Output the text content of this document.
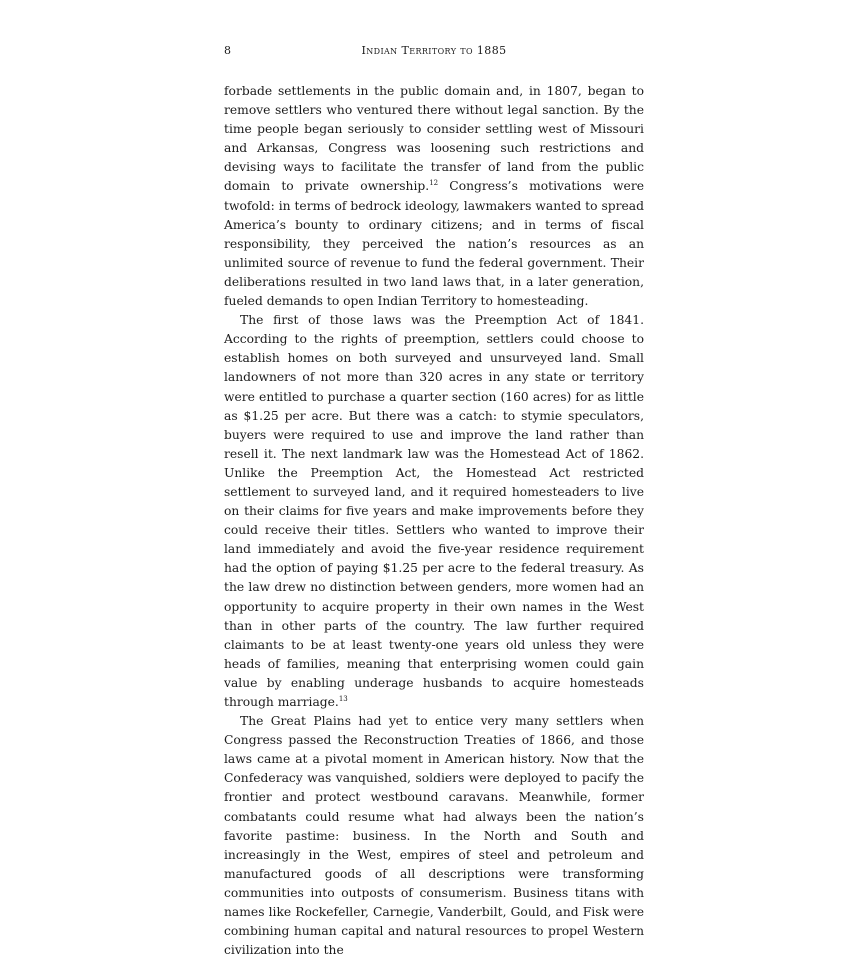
8	Indian Territory to 1885

forbade settlements in the public domain and, in 1807, began to remove settlers who ventured there without legal sanction. By the time people began seriously to consider settling west of Missouri and Arkansas, Congress was loosening such restrictions and devising ways to facilitate the transfer of land from the public domain to private ownership.$^{12}$ Congress’s motivations were twofold: in terms of bedrock ideology, lawmakers wanted to spread America’s bounty to ordinary citizens; and in terms of fiscal responsibility, they perceived the nation’s resources as an unlimited source of revenue to fund the federal government. Their deliberations resulted in two land laws that, in a later generation, fueled demands to open Indian Territory to homesteading.

The first of those laws was the Preemption Act of 1841. According to the rights of preemption, settlers could choose to establish homes on both surveyed and unsurveyed land. Small landowners of not more than 320 acres in any state or territory were entitled to purchase a quarter section (160 acres) for as little as $1.25 per acre. But there was a catch: to stymie speculators, buyers were required to use and improve the land rather than resell it. The next landmark law was the Homestead Act of 1862. Unlike the Preemption Act, the Homestead Act restricted settlement to surveyed land, and it required homesteaders to live on their claims for five years and make improvements before they could receive their titles. Settlers who wanted to improve their land immediately and avoid the five-year residence requirement had the option of paying $1.25 per acre to the federal treasury. As the law drew no distinction between genders, more women had an opportunity to acquire property in their own names in the West than in other parts of the country. The law further required claimants to be at least twenty-one years old unless they were heads of families, meaning that enterprising women could gain value by enabling underage husbands to acquire homesteads through marriage.$^{13}$

The Great Plains had yet to entice very many settlers when Congress passed the Reconstruction Treaties of 1866, and those laws came at a pivotal moment in American history. Now that the Confederacy was vanquished, soldiers were deployed to pacify the frontier and protect westbound caravans. Meanwhile, former combatants could resume what had always been the nation’s favorite pastime: business. In the North and South and increasingly in the West, empires of steel and petroleum and manufactured goods of all descriptions were transforming communities into outposts of consumerism. Business titans with names like Rockefeller, Carnegie, Vanderbilt, Gould, and Fisk were combining human capital and natural resources to propel Western civilization into the
